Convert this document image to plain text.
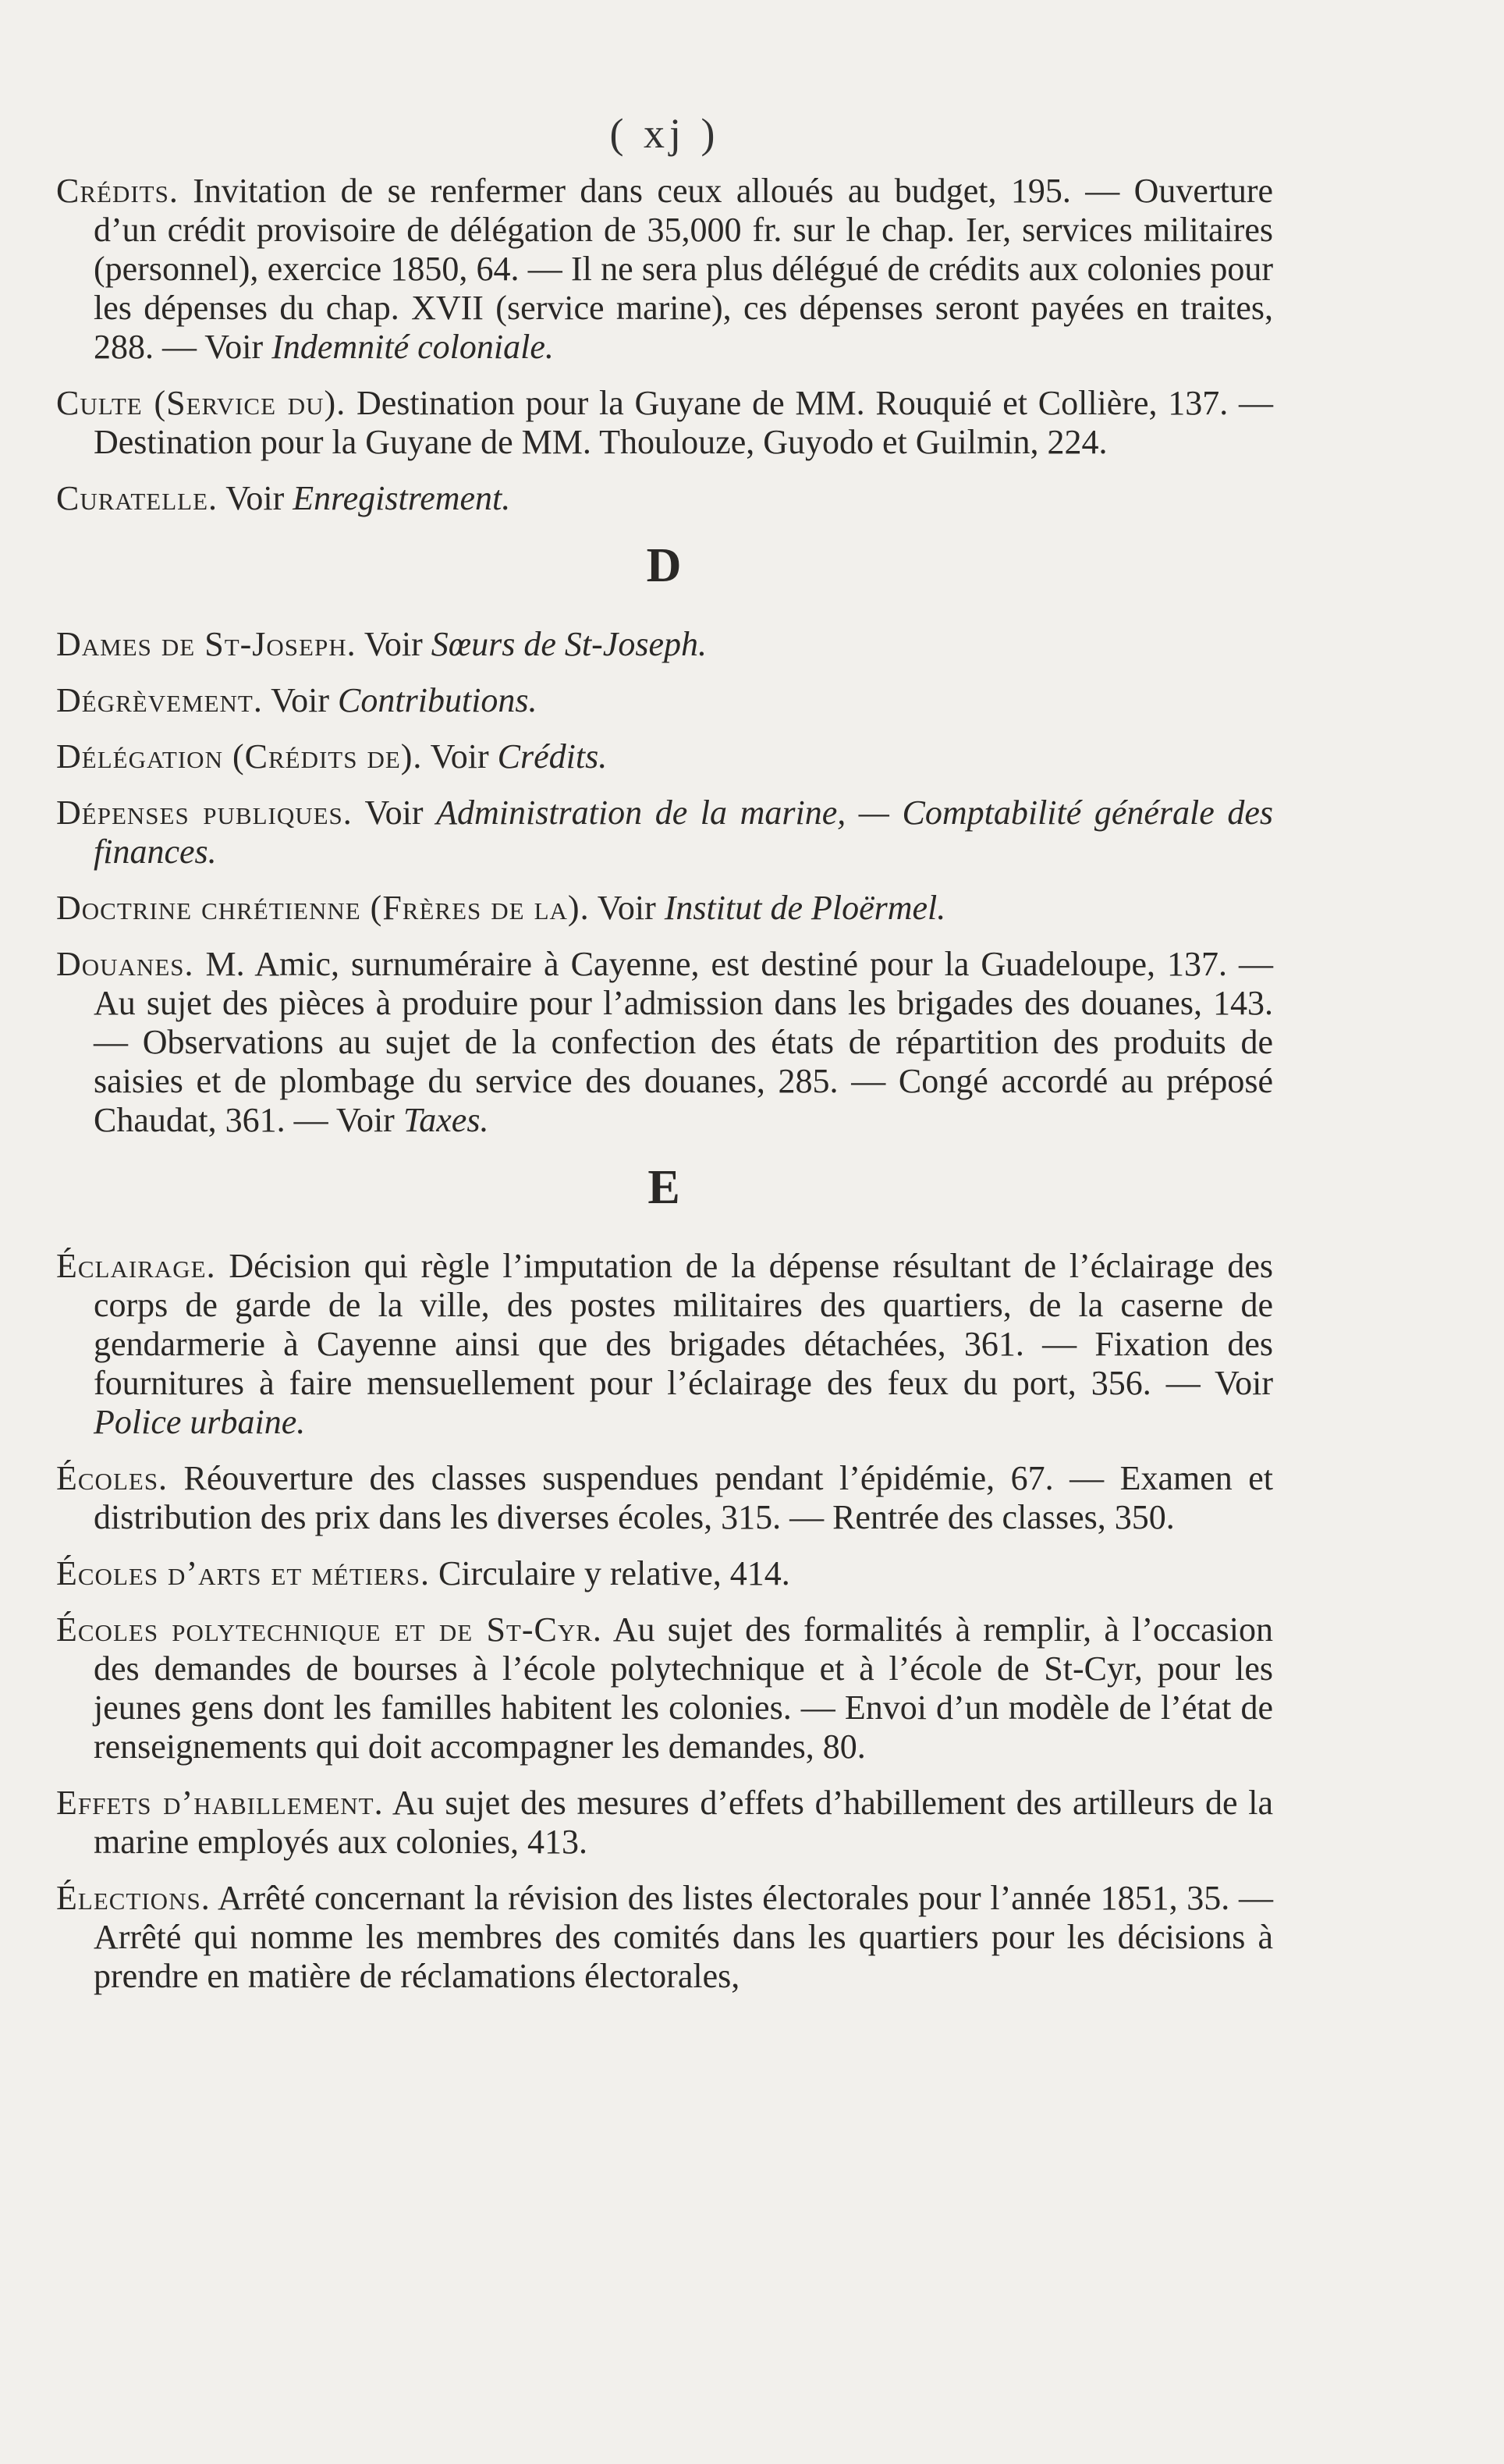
( xj )

Crédits. Invitation de se renfermer dans ceux alloués au budget, 195. — Ouverture d’un crédit provisoire de délégation de 35,000 fr. sur le chap. Ier, services militaires (personnel), exercice 1850, 64. — Il ne sera plus délégué de crédits aux colonies pour les dépenses du chap. XVII (service marine), ces dépenses seront payées en traites, 288. — Voir Indemnité coloniale.

Culte (Service du). Destination pour la Guyane de MM. Rouquié et Collière, 137. — Destination pour la Guyane de MM. Thoulouze, Guyodo et Guilmin, 224.

Curatelle. Voir Enregistrement.

D

Dames de St-Joseph. Voir Sœurs de St-Joseph.

Dégrèvement. Voir Contributions.

Délégation (Crédits de). Voir Crédits.

Dépenses publiques. Voir Administration de la marine, — Comptabilité générale des finances.

Doctrine chrétienne (Frères de la). Voir Institut de Ploërmel.

Douanes. M. Amic, surnuméraire à Cayenne, est destiné pour la Guadeloupe, 137. — Au sujet des pièces à produire pour l’admission dans les brigades des douanes, 143. — Observations au sujet de la confection des états de répartition des produits de saisies et de plombage du service des douanes, 285. — Congé accordé au préposé Chaudat, 361. — Voir Taxes.

E

Éclairage. Décision qui règle l’imputation de la dépense résultant de l’éclairage des corps de garde de la ville, des postes militaires des quartiers, de la caserne de gendarmerie à Cayenne ainsi que des brigades détachées, 361. — Fixation des fournitures à faire mensuellement pour l’éclairage des feux du port, 356. — Voir Police urbaine.

Écoles. Réouverture des classes suspendues pendant l’épidémie, 67. — Examen et distribution des prix dans les diverses écoles, 315. — Rentrée des classes, 350.

Écoles d’arts et métiers. Circulaire y relative, 414.

Écoles polytechnique et de St-Cyr. Au sujet des formalités à remplir, à l’occasion des demandes de bourses à l’école polytechnique et à l’école de St-Cyr, pour les jeunes gens dont les familles habitent les colonies. — Envoi d’un modèle de l’état de renseignements qui doit accompagner les demandes, 80.

Effets d’habillement. Au sujet des mesures d’effets d’habillement des artilleurs de la marine employés aux colonies, 413.

Élections. Arrêté concernant la révision des listes électorales pour l’année 1851, 35. — Arrêté qui nomme les membres des comités dans les quartiers pour les décisions à prendre en matière de réclamations électorales,
